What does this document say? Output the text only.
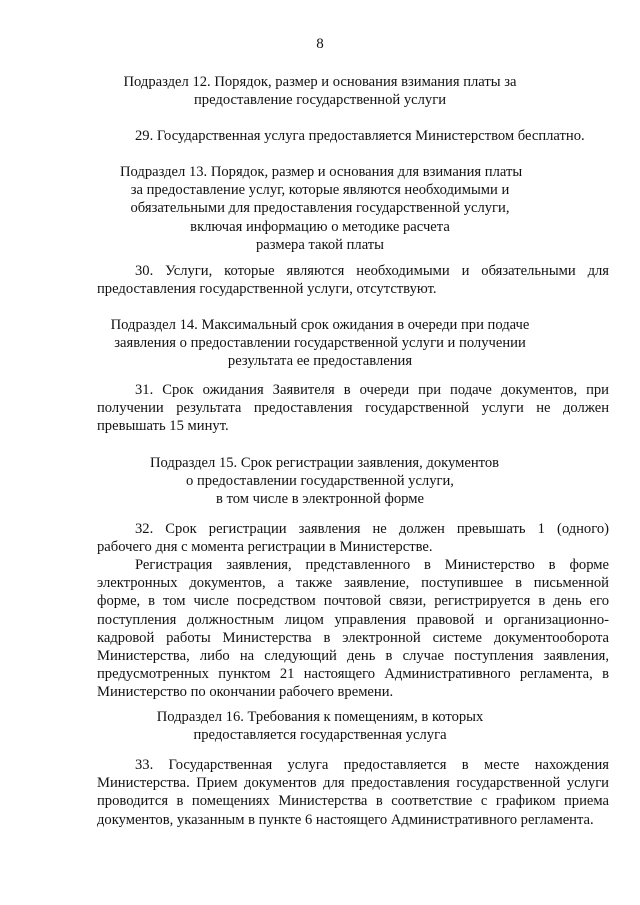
8
Подраздел 12. Порядок, размер и основания взимания платы за
предоставление государственной услуги
29. Государственная услуга предоставляется Министерством бесплатно.
Подраздел 13. Порядок, размер и основания для взимания платы
за предоставление услуг, которые являются необходимыми и
обязательными для предоставления государственной услуги,
включая информацию о методике расчета
размера такой платы
30. Услуги, которые являются необходимыми и обязательными для
предоставления государственной услуги, отсутствуют.
Подраздел 14. Максимальный срок ожидания в очереди при подаче
заявления о предоставлении государственной услуги и получении
результата ее предоставления
31. Срок ожидания Заявителя в очереди при подаче документов, при
получении результата предоставления государственной услуги не должен
превышать 15 минут.
Подраздел 15. Срок регистрации заявления, документов
о предоставлении государственной услуги,
в том числе в электронной форме
32. Срок регистрации заявления не должен превышать 1 (одного)
рабочего дня с момента регистрации в Министерстве.
Регистрация заявления, представленного в Министерство в форме
электронных документов, а также заявление, поступившее в письменной
форме, в том числе посредством почтовой связи, регистрируется в день его
поступления должностным лицом управления правовой и организационно-
кадровой работы Министерства в электронной системе документооборота
Министерства, либо на следующий день в случае поступления заявления,
предусмотренных пунктом 21 настоящего Административного регламента, в
Министерство по окончании рабочего времени.
Подраздел 16. Требования к помещениям, в которых
предоставляется государственная услуга
33. Государственная услуга предоставляется в месте нахождения
Министерства. Прием документов для предоставления государственной услуги
проводится в помещениях Министерства в соответствие с графиком приема
документов, указанным в пункте 6 настоящего Административного регламента.
